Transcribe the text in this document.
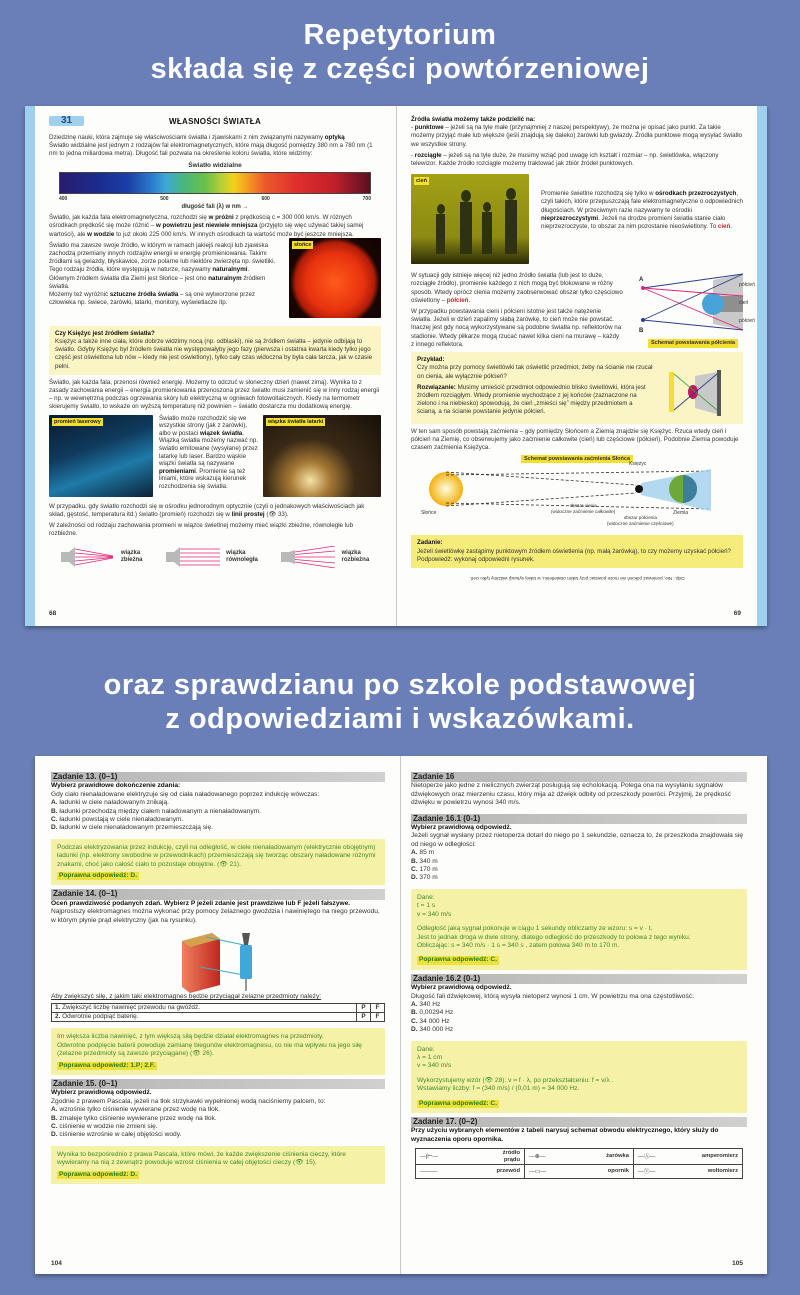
Repetytorium
składa się z części powtórzeniowej
31	WŁASNOŚCI ŚWIATŁA

Dziedzinę nauki, która zajmuje się właściwościami światła i zjawiskami z nim związanymi nazywamy optyką
Światło widzialne jest jednym z rodzajów fal elektromagnetycznych, które mają długość pomiędzy 380 nm a 780 nm (1 nm to jedna miliardowa metra). Długość fali pozwala na określenie koloru światła, które widzimy:

Światło widzialne
400	500	600	700
długość fali (λ) w nm →

Światło, jak każda fala elektromagnetyczna, rozchodzi się w próżni z prędkością c = 300 000 km/s. W różnych ośrodkach prędkość się może różnić – w powietrzu jest niewiele mniejsza (przyjęto się więc używać takiej samej wartości), ale w wodzie to już około 225 000 km/s. W innych ośrodkach ta wartość może być jeszcze mniejsza.

Światło ma zawsze swoje źródło, w którym w ramach jakiejś reakcji lub zjawiska zachodzą przemiany innych rodzajów energii w energię promieniowania. Takimi źródłami są gwiazdy, błyskawice, zorze polarne lub niektóre zwierzęta np. świetliki. Tego rodzaju źródła, które występują w naturze, nazywamy naturalnymi.
Głównym źródłem światła dla Ziemi jest Słońce – jest ono naturalnym źródłem światła.
Możemy też wyróżnić sztuczne źródła światła – są one wytworzone przez człowieka np. świece, żarówki, latarki, monitory, wyświetlacze itp.

słońce
Czy Księżyc jest źródłem światła?
Księżyc a także inne ciała, które dobrze widzimy nocą (np. odblaski), nie są źródłem światła – jedynie odbijają to światło. Gdyby Księżyc był źródłem światła nie występowałyby jego fazy (pierwsza i ostatnia kwarta kiedy tylko jego część jest oświetlona lub nów – kiedy nie jest oświetlony), tylko cały czas widoczna by była cała tarcza, jak w czasie pełni.

Światło, jak każda fala, przenosi również energię. Możemy to odczuć w słoneczny dzień (nawet zimą). Wynika to z zasady zachowania energii – energia promieniowania przenoszona przez światło musi zamienić się w inny rodzaj energii – np. w wewnętrzną podczas ogrzewania skóry lub elektryczną w ogniwach fotowoltaicznych. Kiedy na termometr skierujemy światło, to wskaże on wyższą temperaturę niż powinien – światło dostarcza mu dodatkową energię.

promień laserowy	Światło może rozchodzić się we wszystkie strony (jak z żarówki), albo w postaci wiązek światła. Wiązką światła możemy nazwać np. światło emitowane (wysyłane) przez latarkę lub laser. Bardzo wąskie wiązki światła są nazywane promieniami. Promienie są też liniami, które wskazują kierunek rozchodzenia się światła.

wiązka światła latarki

W przypadku, gdy światło rozchodzi się w ośrodku jednorodnym optycznie (czyli o jednakowych właściwościach jak skład, gęstość, temperatura itd.) światło (promień) rozchodzi się w linii prostej (👁 33).

W zależności od rodzaju zachowania promieni w wiązce świetlnej możemy mieć wiązki zbieżne, równoległe lub rozbieżne.

wiązka
zbieżna
wiązka
równoległa
wiązka
rozbieżna
68
Źródła światła możemy także podzielić na:

- punktowe – jeżeli są na tyle małe (przynajmniej z naszej perspektywy), że można je opisać jako punkt. Za takie możemy przyjąć małe lub większe (jeśli znajdują się daleko) żarówki lub gwiazdy. Źródła punktowe mogą wysyłać światło we wszystkie strony.

- rozciągłe – jeżeli są na tyle duże, że musimy wziąć pod uwagę ich kształt i rozmiar – np. świetlówka, włączony telewizor. Każde źródło rozciągłe możemy traktować jak zbiór źródeł punktowych.

cień

Promienie świetlne rozchodzą się tylko w ośrodkach przezroczystych, czyli takich, które przepuszczają fale elektromagnetyczne o odpowiednich długościach. W przeciwnym razie nazywamy te ośrodki nieprzezroczystymi. Jeżeli na drodze promieni światła stanie ciało nieprzezroczyste, to obszar za nim pozostanie nieoświetlony. To cień.

W sytuacji gdy istnieje więcej niż jedno źródło światła (lub jest to duże, rozciągłe źródło), promienie każdego z nich mogą być blokowane w różny sposób. Wtedy oprócz cienia możemy zaobserwować obszar tylko częściowo oświetlony – półcień.

W przypadku powstawania cieni i półcieni istotne jest także natężenie światła. Jeżeli w dzień zapalimy słabą żarówkę, to cień może nie powstać. Inaczej jest gdy nocą wykorzystywane są podobne światła np. reflektorów na stadionie. Wtedy piłkarze mogą rzucać nawet kilka cieni na murawę – każdy z innego reflektora.

A
B
półcień
cień
półcień
Schemat powstawania półcienia
Przykład:
Czy można przy pomocy świetlówki tak oświetlić przedmiot, żeby na ścianie nie rzucał on cienia, ale wyłącznie półcień?

Rozwiązanie: Musimy umieścić przedmiot odpowiednio blisko świetlówki, która jest źródłem rozciągłym. Wtedy promienie wychodzące z jej końców (zaznaczone na zielono i na niebiesko) spowodują, że cień „zmieści się” między przedmiotem a ścianą, a na ścianie powstanie jedynie półcień.

W ten sam sposób powstają zaćmienia – gdy pomiędzy Słońcem a Ziemią znajdzie się Księżyc. Rzuca wtedy cień i półcień na Ziemię, co obserwujemy jako zaćmienie całkowite (cień) lub częściowe (półcień). Podobnie Ziemia powoduje czasem zaćmienia Księżyca.

Schemat powstawania zaćmienia Słońca
Słońce
Księżyc
Ziemia
obszar cienia
(widoczne zaćmienie całkowite)
obszar półcienia
(widoczne zaćmienie częściowe)
Zadanie:
Jeżeli świetlówkę zastąpimy punktowym źródłem oświetlenia (np. małą żarówką), to czy możemy uzyskać półcień? Podpowiedź: wykonaj odpowiedni rysunek.
Odp.: Nie, ponieważ półcień nie może powstać przy takim oświetleniu, w takiej sytuacji widzimy tylko cień.
69
oraz sprawdzianu po szkole podstawowej
z odpowiedziami i wskazówkami.
Zadanie 13. (0–1)
Wybierz prawidłowe dokończenie zdania:
Gdy ciało nienaładowane elektryzuje się od ciała naładowanego poprzez indukcję wówczas:
A. ładunki w ciele naładowanym znikają.
B. ładunki przechodzą między ciałem naładowanym a nienaładowanym.
C. ładunki powstają w ciele nienaładowanym.
D. ładunki w ciele nienaładowanym przemieszczają się.

Podczas elektryzowania przez indukcję, czyli na odległość, w ciele nienaładowanym (elektrycznie obojętnym) ładunki (np. elektrony swobodne w przewodnikach) przemieszczają się tworząc obszary naładowane różnymi znakami, choć jako całość ciało to pozostaje obojętne. (👁 21).

Poprawna odpowiedź: D.
Zadanie 14. (0–1)
Oceń prawdziwość podanych zdań. Wybierz P jeżeli zdanie jest prawdziwe lub F jeżeli fałszywe.
Najprostszy elektromagnes można wykonać przy pomocy żelaznego gwoździa i nawiniętego na niego przewodu, w którym płynie prąd elektryczny (jak na rysunku).
Aby zwiększyć siłę, z jakim taki elektromagnes będzie przyciągał żelazne przedmioty należy:
1. Zwiększyć liczbę nawinięć przewodu na gwóźdź.	P	F
2. Odwrotnie podpiąć baterię.	P	F

Im większa liczba nawinięć, z tym większą siłą będzie działał elektromagnes na przedmioty.

Odwrotne podpięcie baterii powoduje zamianę biegunów elektromagnesu, co nie ma wpływu na jego siłę (żelazne przedmioty są zawsze przyciągane) (👁 26).

Poprawna odpowiedź: 1.P; 2.F.
Zadanie 15. (0–1)
Wybierz prawidłową odpowiedź.
Zgodnie z prawem Pascala, jeżeli na tłok strzykawki wypełnionej wodą naciśniemy palcem, to:
A. wzrośnie tylko ciśnienie wywierane przez wodę na tłok.
B. zmaleje tylko ciśnienie wywierane przez wodę na tłok.
C. ciśnienie w wodzie nie zmieni się.
D. ciśnienie wzrośnie w całej objętości wody.

Wynika to bezpośrednio z prawa Pascala, które mówi, że każde zwiększenie ciśnienia cieczy, które wywieramy na nią z zewnątrz powoduje wzrost ciśnienia w całej objętości cieczy (👁 15).

Poprawna odpowiedź: D.
104
Zadanie 16
Nietoperze jako jedne z nielicznych zwierząt posługują się echolokacją. Polega ona na wysyłaniu sygnałów dźwiękowych oraz mierzeniu czasu, który mija aż dźwięk odbity od przeszkody powróci. Przyjmij, że prędkość dźwięku w powietrzu wynosi 340 m/s.
Zadanie 16.1 (0-1)
Wybierz prawidłową odpowiedź.
Jeżeli sygnał wysłany przez nietoperza dotarł do niego po 1 sekundzie, oznacza to, że przeszkoda znajdowała się od niego w odległości:
A. 85 m
B. 340 m
C. 170 m
D. 370 m
Dane:
t = 1 s
v = 340 m/s
Odległość jaką sygnał pokonuje w ciągu 1 sekundy obliczamy ze wzoru: s = v · t.
Jest to jednak droga w dwie strony, dlatego odległość do przeszkody to połowa z tego wyniku.
Obliczając: s = 340 m/s · 1 s = 340 s , zatem połowa 340 m to 170 m.
Poprawna odpowiedź: C.
Zadanie 16.2 (0-1)
Wybierz prawidłową odpowiedź.
Długość fali dźwiękowej, którą wysyła nietoperz wynosi 1 cm. W powietrzu ma ona częstotliwość:
A. 340 Hz
B. 0,00294 Hz
C. 34 000 Hz
D. 340 000 Hz
Dane:
λ = 1 cm
v = 340 m/s
Wykorzystujemy wzór (👁 28): v = f · λ, po przekształceniu: f = v/λ .
Wstawiamy liczby: f = (340 m/s) / (0,01 m) = 34 000 Hz.
Poprawna odpowiedź: C.
Zadanie 17. (0–2)
Przy użyciu wybranych elementów z tabeli narysuj schemat obwodu elektrycznego, który służy do wyznaczenia oporu opornika.
—|⊢—
źródło
prądu	—⊗— żarówka	—Ⓐ— amperomierz

——— przewód	—▭— opornik	—Ⓥ— woltomierz
105
